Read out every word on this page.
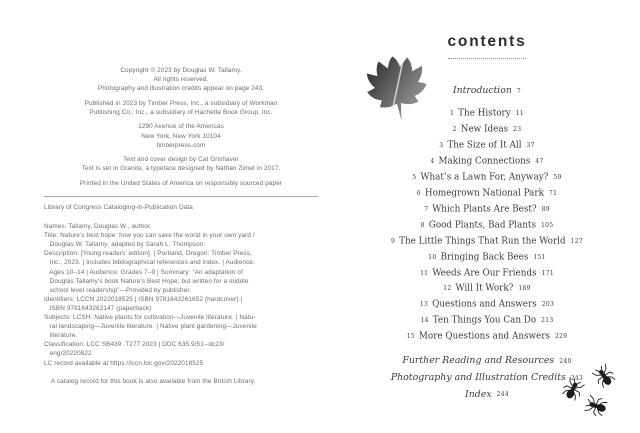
Copyright © 2023 by Douglas W. Tallamy.
All rights reserved.
Photography and illustration credits appear on page 243.
Published in 2023 by Timber Press, Inc., a subsidiary of Workman
Publishing Co., Inc., a subsidiary of Hachette Book Group, Inc.
1290 Avenue of the Americas
New York, New York 10104
timberpress.com
Text and cover design by Cat Grishaver
Text is set in Granite, a typeface designed by Nathan Zimet in 2017.
Printed in the United States of America on responsibly sourced paper
Library of Congress Cataloging-in-Publication Data
Names: Tallamy, Douglas W., author.
Title: Nature’s best hope: how you can save the world in your own yard /
Douglas W. Tallamy; adapted by Sarah L. Thompson.
Description: [Young readers’ edition]. | Portland, Oregon: Timber Press,
Inc., 2023. | Includes bibliographical references and index. | Audience:
Ages 10–14 | Audience: Grades 7–9 | Summary: “An adaptation of
Douglas Tallamy’s book Nature’s Best Hope, but written for a middle
school level readership”—Provided by publisher.
Identifiers: LCCN 2022018525 | ISBN 9781643261652 (hardcover) |
ISBN 9781643262147 (paperback)
Subjects: LCSH: Native plants for cultivation—Juvenile literature. | Natu-
ral landscaping—Juvenile literature. | Native plant gardening—Juvenile
literature.
Classification: LCC SB439 .T277 2023 | DDC 635.9/51--dc23/
eng/20220822
LC record available at https://lccn.loc.gov/2022018525
A catalog record for this book is also available from the British Library.
contents
Introduction 7
1 The History 11
2 New Ideas 23
3 The Size of It All 37
4 Making Connections 47
5 What’s a Lawn For, Anyway? 59
6 Homegrown National Park 71
7 Which Plants Are Best? 89
8 Good Plants, Bad Plants 105
9 The Little Things That Run the World 127
10 Bringing Back Bees 151
11 Weeds Are Our Friends 171
12 Will It Work? 189
13 Questions and Answers 203
14 Ten Things You Can Do 213
15 More Questions and Answers 229
Further Reading and Resources 240
Photography and Illustration Credits 243
Index 244
